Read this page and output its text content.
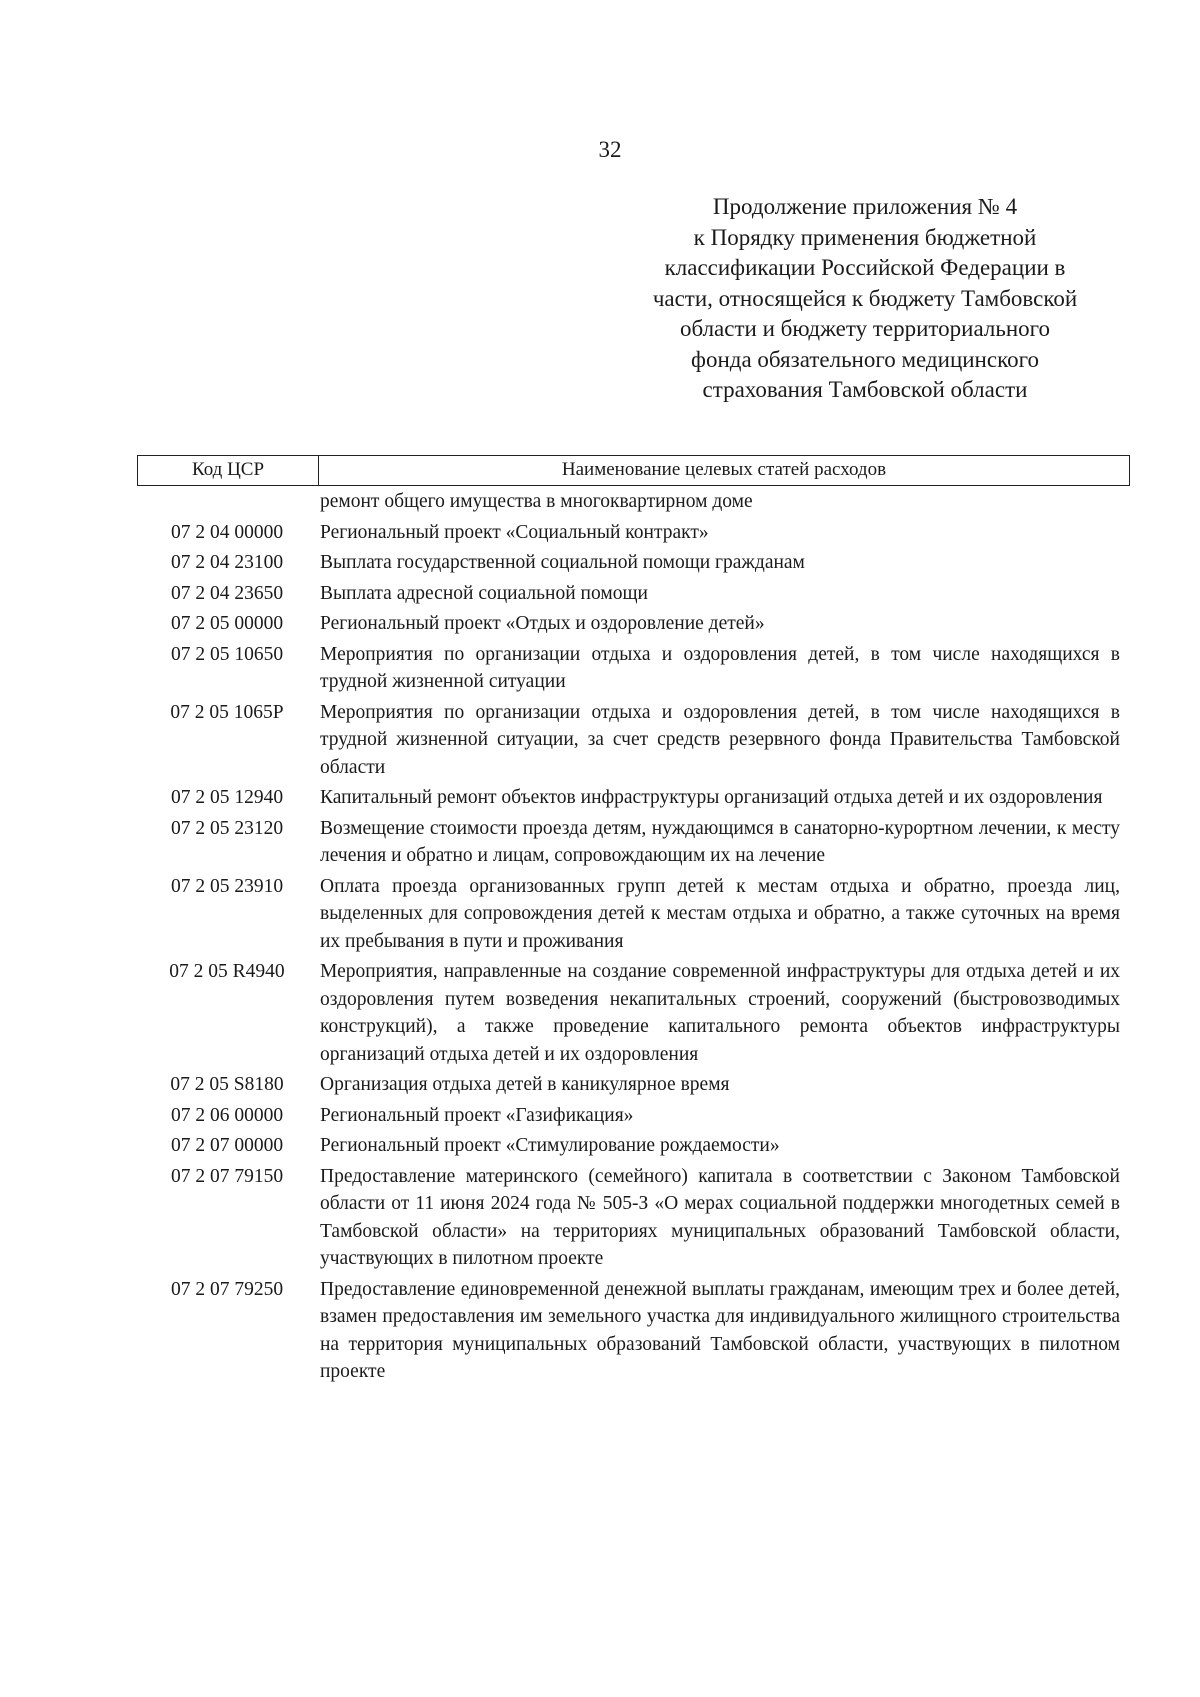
32
Продолжение приложения № 4
к Порядку применения бюджетной
классификации Российской Федерации в
части, относящейся к бюджету Тамбовской
области и бюджету территориального
фонда обязательного медицинского
страхования Тамбовской области
Код ЦСР	Наименование целевых статей расходов
ремонт общего имущества в многоквартирном доме
07 2 04 00000	Региональный проект «Социальный контракт»
07 2 04 23100	Выплата государственной социальной помощи гражданам
07 2 04 23650	Выплата адресной социальной помощи
07 2 05 00000	Региональный проект «Отдых и оздоровление детей»
07 2 05 10650	Мероприятия по организации отдыха и оздоровления детей, в том числе находящихся в трудной жизненной ситуации
07 2 05 1065Р	Мероприятия по организации отдыха и оздоровления детей, в том числе находящихся в трудной жизненной ситуации, за счет средств резервного фонда Правительства Тамбовской области
07 2 05 12940	Капитальный ремонт объектов инфраструктуры организаций отдыха детей и их оздоровления
07 2 05 23120	Возмещение стоимости проезда детям, нуждающимся в санаторно-курортном лечении, к месту лечения и обратно и лицам, сопровождающим их на лечение
07 2 05 23910	Оплата проезда организованных групп детей к местам отдыха и обратно, проезда лиц, выделенных для сопровождения детей к местам отдыха и обратно, а также суточных на время их пребывания в пути и проживания
07 2 05 R4940	Мероприятия, направленные на создание современной инфраструктуры для отдыха детей и их оздоровления путем возведения некапитальных строений, сооружений (быстровозводимых конструкций), а также проведение капитального ремонта объектов инфраструктуры организаций отдыха детей и их оздоровления
07 2 05 S8180	Организация отдыха детей в каникулярное время
07 2 06 00000	Региональный проект «Газификация»
07 2 07 00000	Региональный проект «Стимулирование рождаемости»
07 2 07 79150	Предоставление материнского (семейного) капитала в соответствии с Законом Тамбовской области от 11 июня 2024 года № 505-З «О мерах социальной поддержки многодетных семей в Тамбовской области» на территориях муниципальных образований Тамбовской области, участвующих в пилотном проекте
07 2 07 79250	Предоставление единовременной денежной выплаты гражданам, имеющим трех и более детей, взамен предоставления им земельного участка для индивидуального жилищного строительства на территория муниципальных образований Тамбовской области, участвующих в пилотном проекте
